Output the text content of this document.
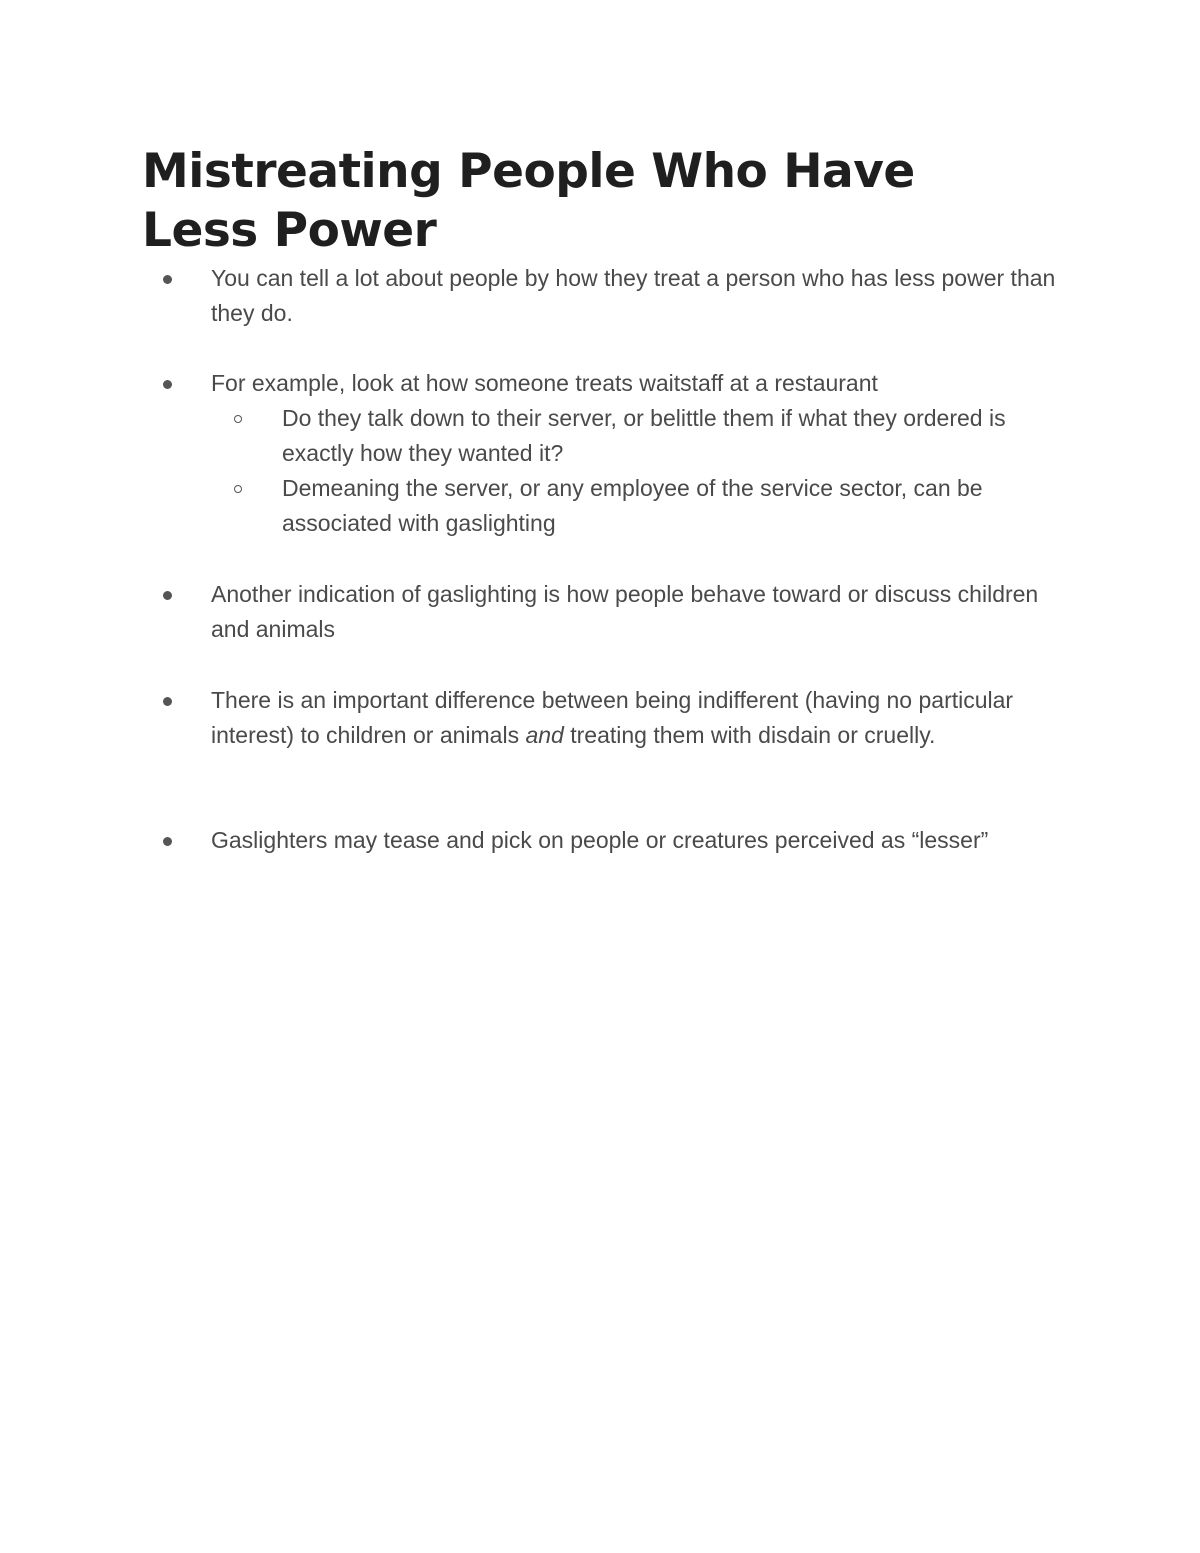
Mistreating People Who Have Less Power
You can tell a lot about people by how they treat a person who has less power than they do.
For example, look at how someone treats waitstaff at a restaurant
Do they talk down to their server, or belittle them if what they ordered is exactly how they wanted it?
Demeaning the server, or any employee of the service sector, can be associated with gaslighting
Another indication of gaslighting is how people behave toward or discuss children and animals
There is an important difference between being indifferent (having no particular interest) to children or animals and treating them with disdain or cruelly.
Gaslighters may tease and pick on people or creatures perceived as “lesser”
